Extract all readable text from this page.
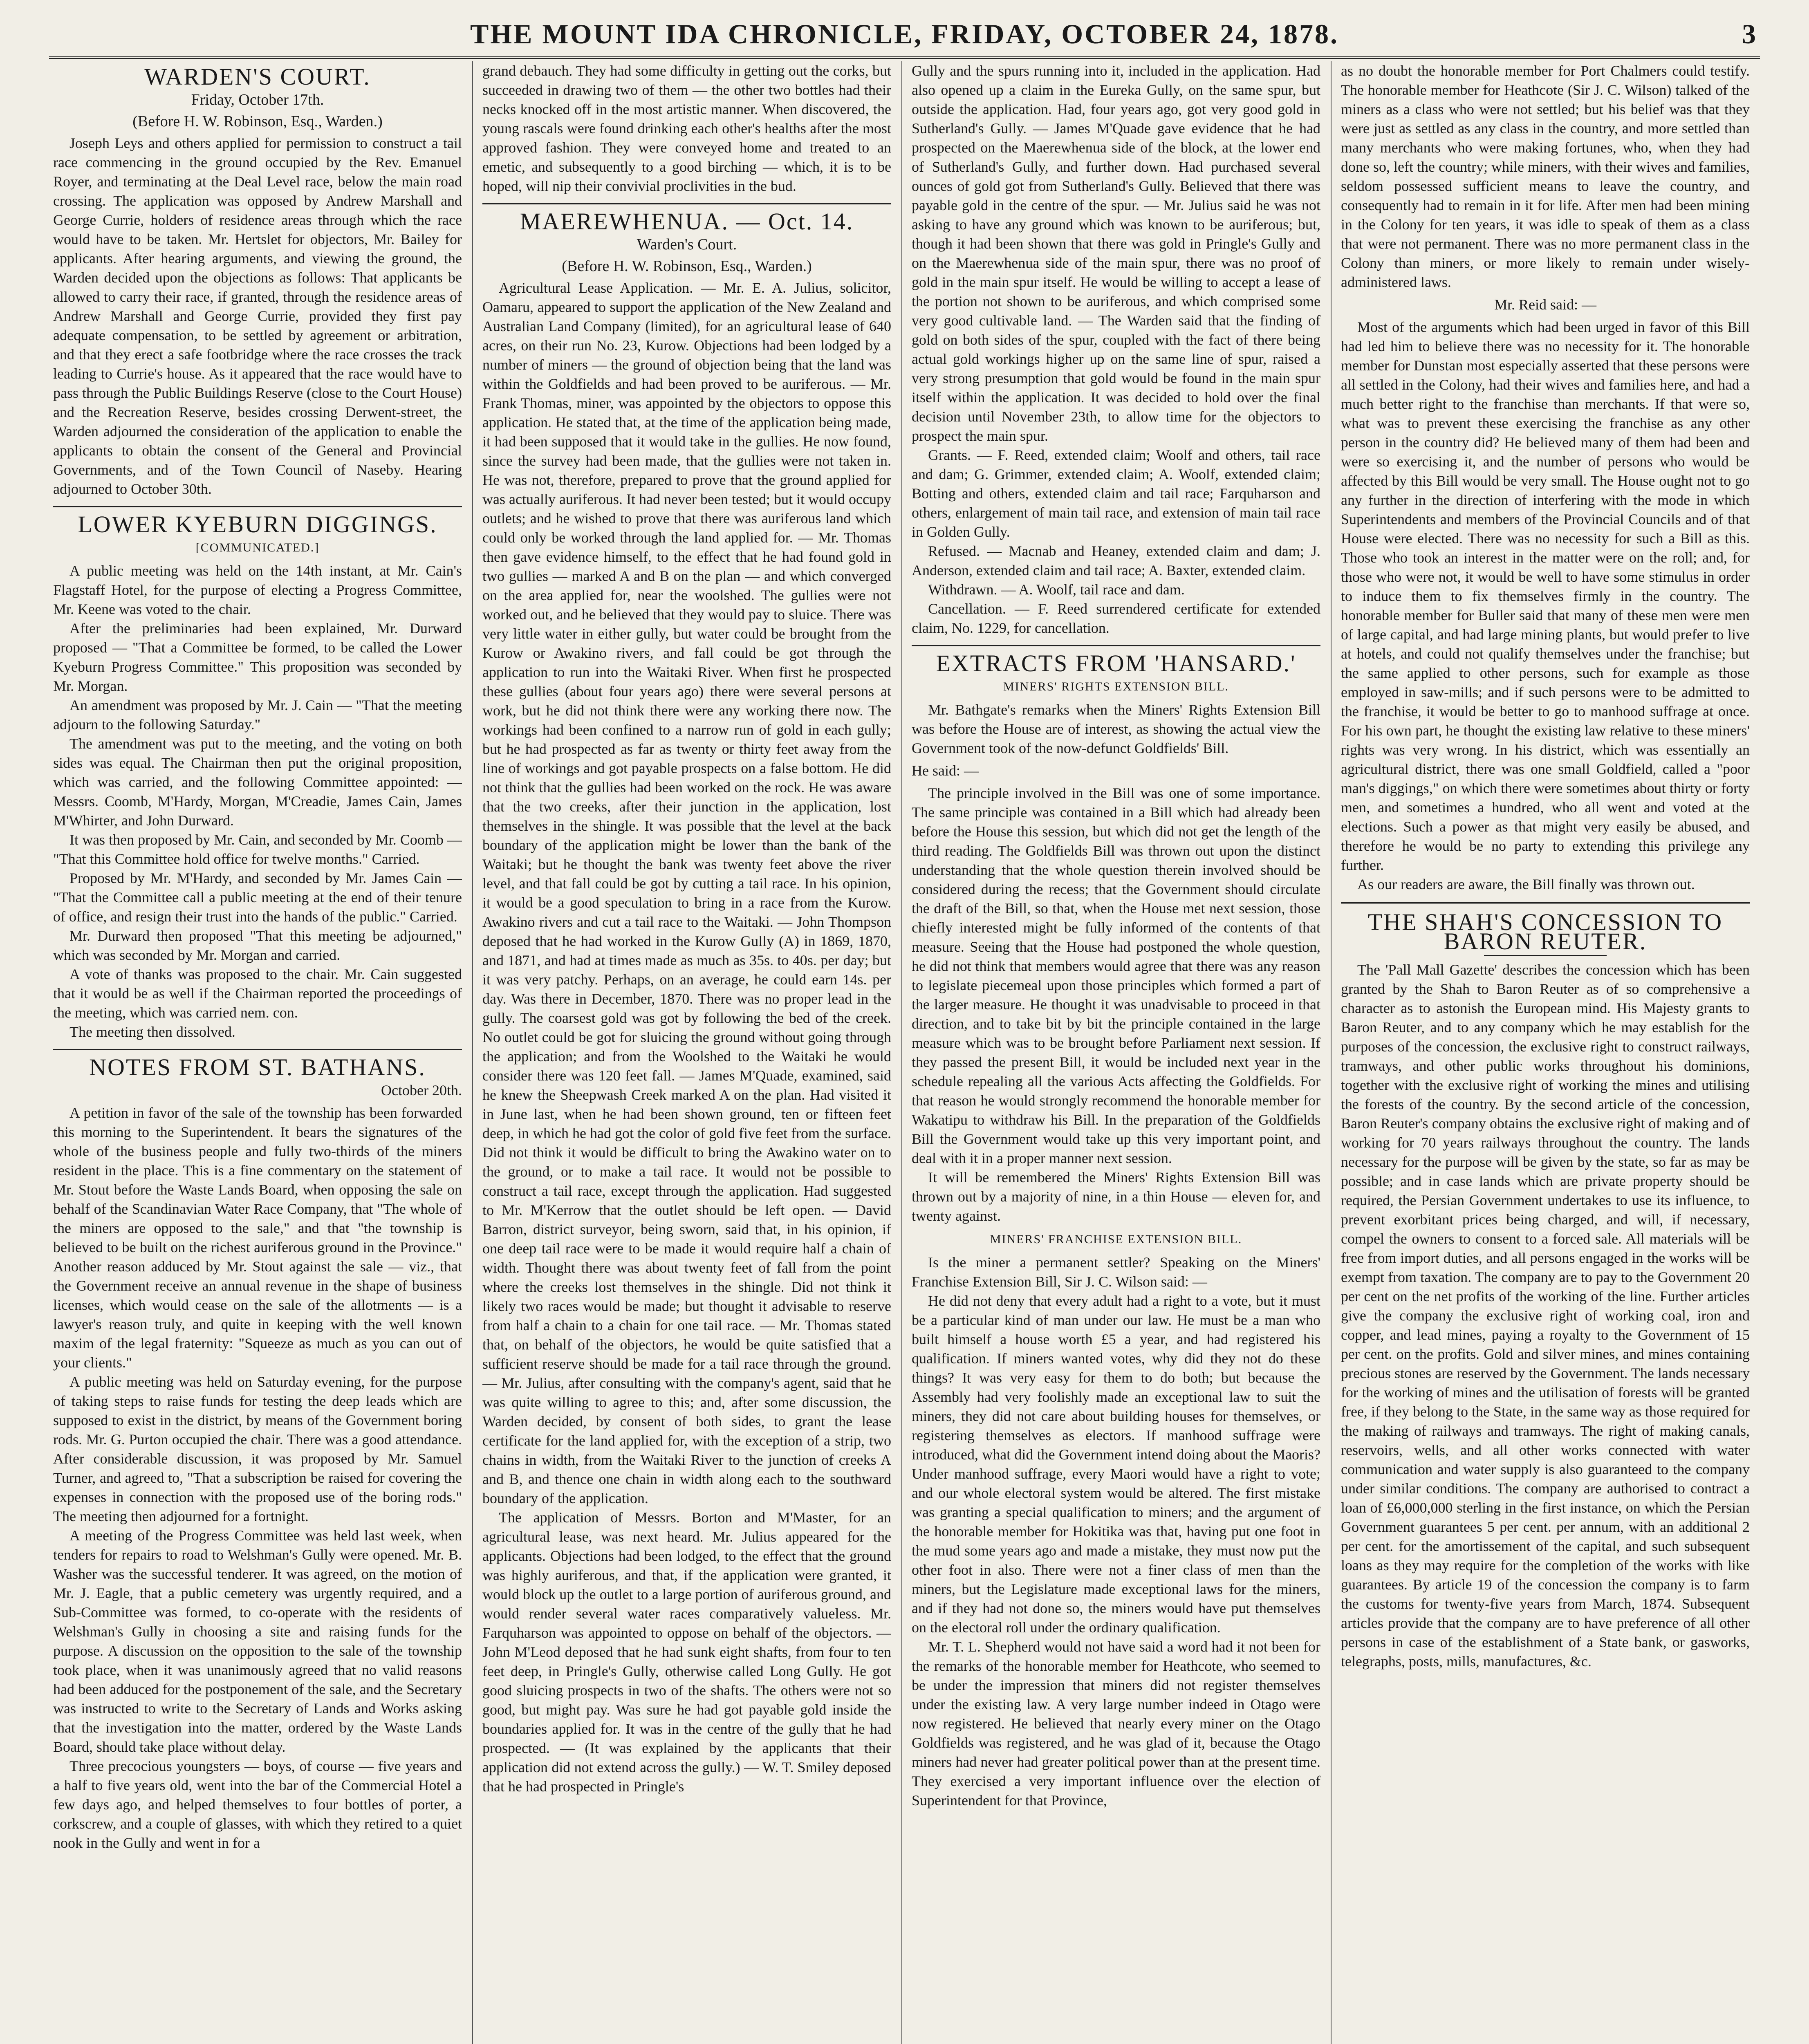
THE MOUNT IDA CHRONICLE, FRIDAY, OCTOBER 24, 1878.	3
WARDEN'S COURT.
Friday, October 17th.
(Before H. W. Robinson, Esq., Warden.)

Joseph Leys and others applied for permission to construct a tail race commencing in the ground occupied by the Rev. Emanuel Royer, and terminating at the Deal Level race, below the main road crossing. The application was opposed by Andrew Marshall and George Currie, holders of residence areas through which the race would have to be taken. Mr. Hertslet for objectors, Mr. Bailey for applicants. After hearing arguments, and viewing the ground, the Warden decided upon the objections as follows: That applicants be allowed to carry their race, if granted, through the residence areas of Andrew Marshall and George Currie, provided they first pay adequate compensation, to be settled by agreement or arbitration, and that they erect a safe footbridge where the race crosses the track leading to Currie's house. As it appeared that the race would have to pass through the Public Buildings Reserve (close to the Court House) and the Recreation Reserve, besides crossing Derwent-street, the Warden adjourned the consideration of the application to enable the applicants to obtain the consent of the General and Provincial Governments, and of the Town Council of Naseby. Hearing adjourned to October 30th.

LOWER KYEBURN DIGGINGS.
[COMMUNICATED.]

A public meeting was held on the 14th instant, at Mr. Cain's Flagstaff Hotel, for the purpose of electing a Progress Committee, Mr. Keene was voted to the chair.

After the preliminaries had been explained, Mr. Durward proposed — "That a Committee be formed, to be called the Lower Kyeburn Progress Committee." This proposition was seconded by Mr. Morgan.

An amendment was proposed by Mr. J. Cain — "That the meeting adjourn to the following Saturday."

The amendment was put to the meeting, and the voting on both sides was equal. The Chairman then put the original proposition, which was carried, and the following Committee appointed: — Messrs. Coomb, M'Hardy, Morgan, M'Creadie, James Cain, James M'Whirter, and John Durward.

It was then proposed by Mr. Cain, and seconded by Mr. Coomb — "That this Committee hold office for twelve months." Carried.

Proposed by Mr. M'Hardy, and seconded by Mr. James Cain — "That the Committee call a public meeting at the end of their tenure of office, and resign their trust into the hands of the public." Carried.

Mr. Durward then proposed "That this meeting be adjourned," which was seconded by Mr. Morgan and carried.

A vote of thanks was proposed to the chair. Mr. Cain suggested that it would be as well if the Chairman reported the proceedings of the meeting, which was carried nem. con.

The meeting then dissolved.

NOTES FROM ST. BATHANS.
October 20th.

A petition in favor of the sale of the township has been forwarded this morning to the Superintendent. It bears the signatures of the whole of the business people and fully two-thirds of the miners resident in the place. This is a fine commentary on the statement of Mr. Stout before the Waste Lands Board, when opposing the sale on behalf of the Scandinavian Water Race Company, that "The whole of the miners are opposed to the sale," and that "the township is believed to be built on the richest auriferous ground in the Province." Another reason adduced by Mr. Stout against the sale — viz., that the Government receive an annual revenue in the shape of business licenses, which would cease on the sale of the allotments — is a lawyer's reason truly, and quite in keeping with the well known maxim of the legal fraternity: "Squeeze as much as you can out of your clients."

A public meeting was held on Saturday evening, for the purpose of taking steps to raise funds for testing the deep leads which are supposed to exist in the district, by means of the Government boring rods. Mr. G. Purton occupied the chair. There was a good attendance. After considerable discussion, it was proposed by Mr. Samuel Turner, and agreed to, "That a subscription be raised for covering the expenses in connection with the proposed use of the boring rods." The meeting then adjourned for a fortnight.

A meeting of the Progress Committee was held last week, when tenders for repairs to road to Welshman's Gully were opened. Mr. B. Washer was the successful tenderer. It was agreed, on the motion of Mr. J. Eagle, that a public cemetery was urgently required, and a Sub-Committee was formed, to co-operate with the residents of Welshman's Gully in choosing a site and raising funds for the purpose. A discussion on the opposition to the sale of the township took place, when it was unanimously agreed that no valid reasons had been adduced for the postponement of the sale, and the Secretary was instructed to write to the Secretary of Lands and Works asking that the investigation into the matter, ordered by the Waste Lands Board, should take place without delay.

Three precocious youngsters — boys, of course — five years and a half to five years old, went into the bar of the Commercial Hotel a few days ago, and helped themselves to four bottles of porter, a corkscrew, and a couple of glasses, with which they retired to a quiet nook in the Gully and went in for a

grand debauch. They had some difficulty in getting out the corks, but succeeded in drawing two of them — the other two bottles had their necks knocked off in the most artistic manner. When discovered, the young rascals were found drinking each other's healths after the most approved fashion. They were conveyed home and treated to an emetic, and subsequently to a good birching — which, it is to be hoped, will nip their convivial proclivities in the bud.

MAEREWHENUA. — Oct. 14.
Warden's Court.
(Before H. W. Robinson, Esq., Warden.)

Agricultural Lease Application. — Mr. E. A. Julius, solicitor, Oamaru, appeared to support the application of the New Zealand and Australian Land Company (limited), for an agricultural lease of 640 acres, on their run No. 23, Kurow. Objections had been lodged by a number of miners — the ground of objection being that the land was within the Goldfields and had been proved to be auriferous. — Mr. Frank Thomas, miner, was appointed by the objectors to oppose this application. He stated that, at the time of the application being made, it had been supposed that it would take in the gullies. He now found, since the survey had been made, that the gullies were not taken in. He was not, therefore, prepared to prove that the ground applied for was actually auriferous. It had never been tested; but it would occupy outlets; and he wished to prove that there was auriferous land which could only be worked through the land applied for. — Mr. Thomas then gave evidence himself, to the effect that he had found gold in two gullies — marked A and B on the plan — and which converged on the area applied for, near the woolshed. The gullies were not worked out, and he believed that they would pay to sluice. There was very little water in either gully, but water could be brought from the Kurow or Awakino rivers, and fall could be got through the application to run into the Waitaki River. When first he prospected these gullies (about four years ago) there were several persons at work, but he did not think there were any working there now. The workings had been confined to a narrow run of gold in each gully; but he had prospected as far as twenty or thirty feet away from the line of workings and got payable prospects on a false bottom. He did not think that the gullies had been worked on the rock. He was aware that the two creeks, after their junction in the application, lost themselves in the shingle. It was possible that the level at the back boundary of the application might be lower than the bank of the Waitaki; but he thought the bank was twenty feet above the river level, and that fall could be got by cutting a tail race. In his opinion, it would be a good speculation to bring in a race from the Kurow. Awakino rivers and cut a tail race to the Waitaki. — John Thompson deposed that he had worked in the Kurow Gully (A) in 1869, 1870, and 1871, and had at times made as much as 35s. to 40s. per day; but it was very patchy. Perhaps, on an average, he could earn 14s. per day. Was there in December, 1870. There was no proper lead in the gully. The coarsest gold was got by following the bed of the creek. No outlet could be got for sluicing the ground without going through the application; and from the Woolshed to the Waitaki he would consider there was 120 feet fall. — James M'Quade, examined, said he knew the Sheepwash Creek marked A on the plan. Had visited it in June last, when he had been shown ground, ten or fifteen feet deep, in which he had got the color of gold five feet from the surface. Did not think it would be difficult to bring the Awakino water on to the ground, or to make a tail race. It would not be possible to construct a tail race, except through the application. Had suggested to Mr. M'Kerrow that the outlet should be left open. — David Barron, district surveyor, being sworn, said that, in his opinion, if one deep tail race were to be made it would require half a chain of width. Thought there was about twenty feet of fall from the point where the creeks lost themselves in the shingle. Did not think it likely two races would be made; but thought it advisable to reserve from half a chain to a chain for one tail race. — Mr. Thomas stated that, on behalf of the objectors, he would be quite satisfied that a sufficient reserve should be made for a tail race through the ground. — Mr. Julius, after consulting with the company's agent, said that he was quite willing to agree to this; and, after some discussion, the Warden decided, by consent of both sides, to grant the lease certificate for the land applied for, with the exception of a strip, two chains in width, from the Waitaki River to the junction of creeks A and B, and thence one chain in width along each to the southward boundary of the application.

The application of Messrs. Borton and M'Master, for an agricultural lease, was next heard. Mr. Julius appeared for the applicants. Objections had been lodged, to the effect that the ground was highly auriferous, and that, if the application were granted, it would block up the outlet to a large portion of auriferous ground, and would render several water races comparatively valueless. Mr. Farquharson was appointed to oppose on behalf of the objectors. — John M'Leod deposed that he had sunk eight shafts, from four to ten feet deep, in Pringle's Gully, otherwise called Long Gully. He got good sluicing prospects in two of the shafts. The others were not so good, but might pay. Was sure he had got payable gold inside the boundaries applied for. It was in the centre of the gully that he had prospected. — (It was explained by the applicants that their application did not extend across the gully.) — W. T. Smiley deposed that he had prospected in Pringle's

Gully and the spurs running into it, included in the application. Had also opened up a claim in the Eureka Gully, on the same spur, but outside the application. Had, four years ago, got very good gold in Sutherland's Gully. — James M'Quade gave evidence that he had prospected on the Maerewhenua side of the block, at the lower end of Sutherland's Gully, and further down. Had purchased several ounces of gold got from Sutherland's Gully. Believed that there was payable gold in the centre of the spur. — Mr. Julius said he was not asking to have any ground which was known to be auriferous; but, though it had been shown that there was gold in Pringle's Gully and on the Maerewhenua side of the main spur, there was no proof of gold in the main spur itself. He would be willing to accept a lease of the portion not shown to be auriferous, and which comprised some very good cultivable land. — The Warden said that the finding of gold on both sides of the spur, coupled with the fact of there being actual gold workings higher up on the same line of spur, raised a very strong presumption that gold would be found in the main spur itself within the application. It was decided to hold over the final decision until November 23th, to allow time for the objectors to prospect the main spur.

Grants. — F. Reed, extended claim; Woolf and others, tail race and dam; G. Grimmer, extended claim; A. Woolf, extended claim; Botting and others, extended claim and tail race; Farquharson and others, enlargement of main tail race, and extension of main tail race in Golden Gully.

Refused. — Macnab and Heaney, extended claim and dam; J. Anderson, extended claim and tail race; A. Baxter, extended claim.

Withdrawn. — A. Woolf, tail race and dam.

Cancellation. — F. Reed surrendered certificate for extended claim, No. 1229, for cancellation.

EXTRACTS FROM 'HANSARD.'
MINERS' RIGHTS EXTENSION BILL.

Mr. Bathgate's remarks when the Miners' Rights Extension Bill was before the House are of interest, as showing the actual view the Government took of the now-defunct Goldfields' Bill.

He said: —

The principle involved in the Bill was one of some importance. The same principle was contained in a Bill which had already been before the House this session, but which did not get the length of the third reading. The Goldfields Bill was thrown out upon the distinct understanding that the whole question therein involved should be considered during the recess; that the Government should circulate the draft of the Bill, so that, when the House met next session, those chiefly interested might be fully informed of the contents of that measure. Seeing that the House had postponed the whole question, he did not think that members would agree that there was any reason to legislate piecemeal upon those principles which formed a part of the larger measure. He thought it was unadvisable to proceed in that direction, and to take bit by bit the principle contained in the large measure which was to be brought before Parliament next session. If they passed the present Bill, it would be included next year in the schedule repealing all the various Acts affecting the Goldfields. For that reason he would strongly recommend the honorable member for Wakatipu to withdraw his Bill. In the preparation of the Goldfields Bill the Government would take up this very important point, and deal with it in a proper manner next session.

It will be remembered the Miners' Rights Extension Bill was thrown out by a majority of nine, in a thin House — eleven for, and twenty against.

MINERS' FRANCHISE EXTENSION BILL.

Is the miner a permanent settler? Speaking on the Miners' Franchise Extension Bill, Sir J. C. Wilson said: —

He did not deny that every adult had a right to a vote, but it must be a particular kind of man under our law. He must be a man who built himself a house worth £5 a year, and had registered his qualification. If miners wanted votes, why did they not do these things? It was very easy for them to do both; but because the Assembly had very foolishly made an exceptional law to suit the miners, they did not care about building houses for themselves, or registering themselves as electors. If manhood suffrage were introduced, what did the Government intend doing about the Maoris? Under manhood suffrage, every Maori would have a right to vote; and our whole electoral system would be altered. The first mistake was granting a special qualification to miners; and the argument of the honorable member for Hokitika was that, having put one foot in the mud some years ago and made a mistake, they must now put the other foot in also. There were not a finer class of men than the miners, but the Legislature made exceptional laws for the miners, and if they had not done so, the miners would have put themselves on the electoral roll under the ordinary qualification.

Mr. T. L. Shepherd would not have said a word had it not been for the remarks of the honorable member for Heathcote, who seemed to be under the impression that miners did not register themselves under the existing law. A very large number indeed in Otago were now registered. He believed that nearly every miner on the Otago Goldfields was registered, and he was glad of it, because the Otago miners had never had greater political power than at the present time. They exercised a very important influence over the election of Superintendent for that Province,

as no doubt the honorable member for Port Chalmers could testify. The honorable member for Heathcote (Sir J. C. Wilson) talked of the miners as a class who were not settled; but his belief was that they were just as settled as any class in the country, and more settled than many merchants who were making fortunes, who, when they had done so, left the country; while miners, with their wives and families, seldom possessed sufficient means to leave the country, and consequently had to remain in it for life. After men had been mining in the Colony for ten years, it was idle to speak of them as a class that were not permanent. There was no more permanent class in the Colony than miners, or more likely to remain under wisely-administered laws.

Mr. Reid said: —

Most of the arguments which had been urged in favor of this Bill had led him to believe there was no necessity for it. The honorable member for Dunstan most especially asserted that these persons were all settled in the Colony, had their wives and families here, and had a much better right to the franchise than merchants. If that were so, what was to prevent these exercising the franchise as any other person in the country did? He believed many of them had been and were so exercising it, and the number of persons who would be affected by this Bill would be very small. The House ought not to go any further in the direction of interfering with the mode in which Superintendents and members of the Provincial Councils and of that House were elected. There was no necessity for such a Bill as this. Those who took an interest in the matter were on the roll; and, for those who were not, it would be well to have some stimulus in order to induce them to fix themselves firmly in the country. The honorable member for Buller said that many of these men were men of large capital, and had large mining plants, but would prefer to live at hotels, and could not qualify themselves under the franchise; but the same applied to other persons, such for example as those employed in saw-mills; and if such persons were to be admitted to the franchise, it would be better to go to manhood suffrage at once. For his own part, he thought the existing law relative to these miners' rights was very wrong. In his district, which was essentially an agricultural district, there was one small Goldfield, called a "poor man's diggings," on which there were sometimes about thirty or forty men, and sometimes a hundred, who all went and voted at the elections. Such a power as that might very easily be abused, and therefore he would be no party to extending this privilege any further.

As our readers are aware, the Bill finally was thrown out.

THE SHAH'S CONCESSION TO BARON REUTER.

The 'Pall Mall Gazette' describes the concession which has been granted by the Shah to Baron Reuter as of so comprehensive a character as to astonish the European mind. His Majesty grants to Baron Reuter, and to any company which he may establish for the purposes of the concession, the exclusive right to construct railways, tramways, and other public works throughout his dominions, together with the exclusive right of working the mines and utilising the forests of the country. By the second article of the concession, Baron Reuter's company obtains the exclusive right of making and of working for 70 years railways throughout the country. The lands necessary for the purpose will be given by the state, so far as may be possible; and in case lands which are private property should be required, the Persian Government undertakes to use its influence, to prevent exorbitant prices being charged, and will, if necessary, compel the owners to consent to a forced sale. All materials will be free from import duties, and all persons engaged in the works will be exempt from taxation. The company are to pay to the Government 20 per cent on the net profits of the working of the line. Further articles give the company the exclusive right of working coal, iron and copper, and lead mines, paying a royalty to the Government of 15 per cent. on the profits. Gold and silver mines, and mines containing precious stones are reserved by the Government. The lands necessary for the working of mines and the utilisation of forests will be granted free, if they belong to the State, in the same way as those required for the making of railways and tramways. The right of making canals, reservoirs, wells, and all other works connected with water communication and water supply is also guaranteed to the company under similar conditions. The company are authorised to contract a loan of £6,000,000 sterling in the first instance, on which the Persian Government guarantees 5 per cent. per annum, with an additional 2 per cent. for the amortissement of the capital, and such subsequent loans as they may require for the completion of the works with like guarantees. By article 19 of the concession the company is to farm the customs for twenty-five years from March, 1874. Subsequent articles provide that the company are to have preference of all other persons in case of the establishment of a State bank, or gasworks, telegraphs, posts, mills, manufactures, &c.
